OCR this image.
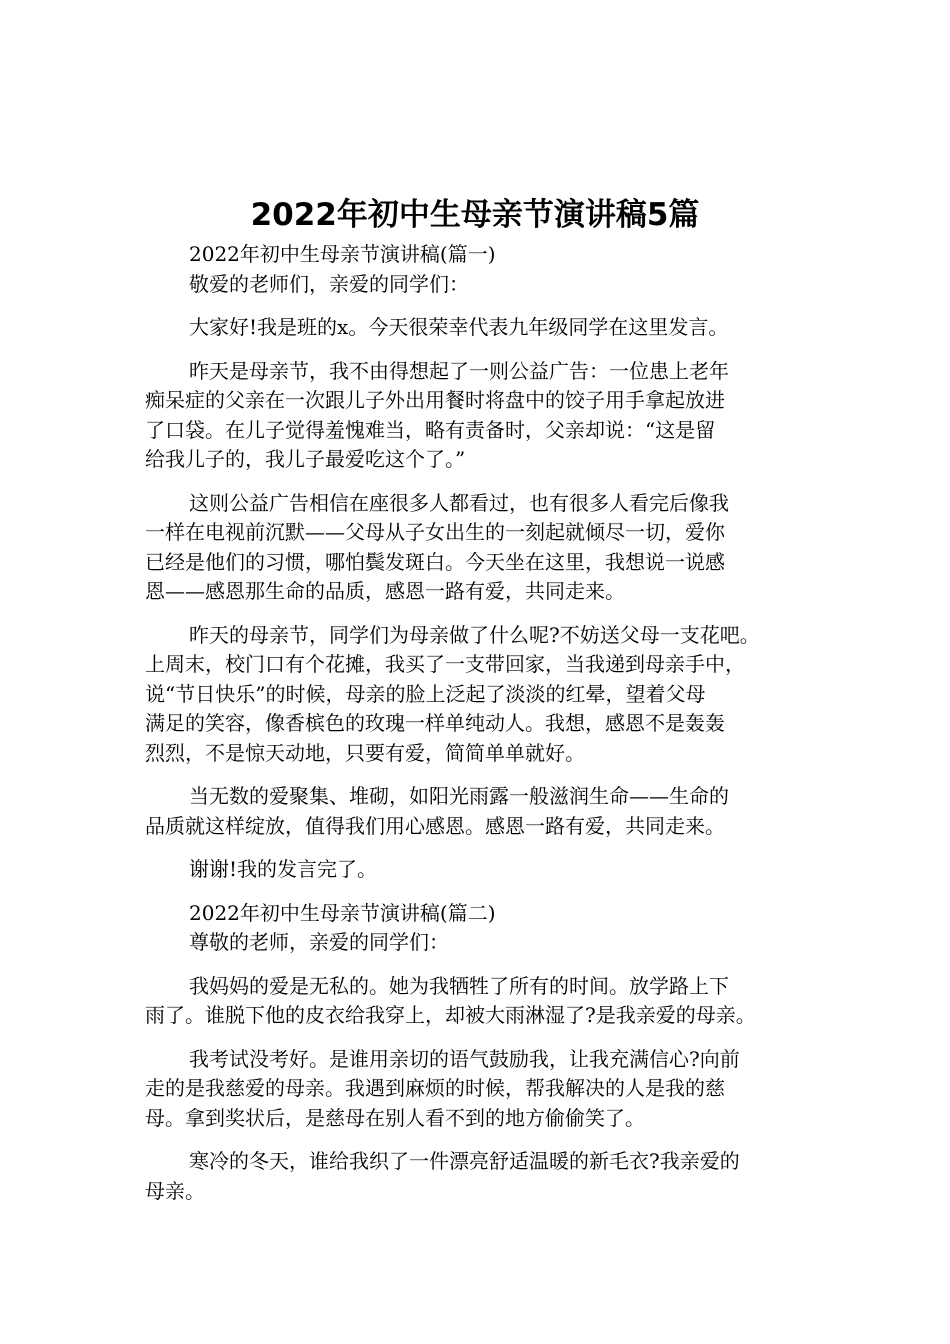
2022年初中生母亲节演讲稿5篇
2022年初中生母亲节演讲稿(篇一)
敬爱的老师们，亲爱的同学们：
大家好!我是班的x。今天很荣幸代表九年级同学在这里发言。
昨天是母亲节，我不由得想起了一则公益广告：一位患上老年
痴呆症的父亲在一次跟儿子外出用餐时将盘中的饺子用手拿起放进
了口袋。在儿子觉得羞愧难当，略有责备时，父亲却说：“这是留
给我儿子的，我儿子最爱吃这个了。”
这则公益广告相信在座很多人都看过，也有很多人看完后像我
一样在电视前沉默——父母从子女出生的一刻起就倾尽一切，爱你
已经是他们的习惯，哪怕鬓发斑白。今天坐在这里，我想说一说感
恩——感恩那生命的品质，感恩一路有爱，共同走来。
昨天的母亲节，同学们为母亲做了什么呢?不妨送父母一支花吧。
上周末，校门口有个花摊，我买了一支带回家，当我递到母亲手中，
说“节日快乐”的时候，母亲的脸上泛起了淡淡的红晕，望着父母
满足的笑容，像香槟色的玫瑰一样单纯动人。我想，感恩不是轰轰
烈烈，不是惊天动地，只要有爱，简简单单就好。
当无数的爱聚集、堆砌，如阳光雨露一般滋润生命——生命的
品质就这样绽放，值得我们用心感恩。感恩一路有爱，共同走来。
谢谢!我的发言完了。
2022年初中生母亲节演讲稿(篇二)
尊敬的老师，亲爱的同学们：
我妈妈的爱是无私的。她为我牺牲了所有的时间。放学路上下
雨了。谁脱下他的皮衣给我穿上，却被大雨淋湿了?是我亲爱的母亲。
我考试没考好。是谁用亲切的语气鼓励我，让我充满信心?向前
走的是我慈爱的母亲。我遇到麻烦的时候，帮我解决的人是我的慈
母。拿到奖状后，是慈母在别人看不到的地方偷偷笑了。
寒冷的冬天，谁给我织了一件漂亮舒适温暖的新毛衣?我亲爱的
母亲。
